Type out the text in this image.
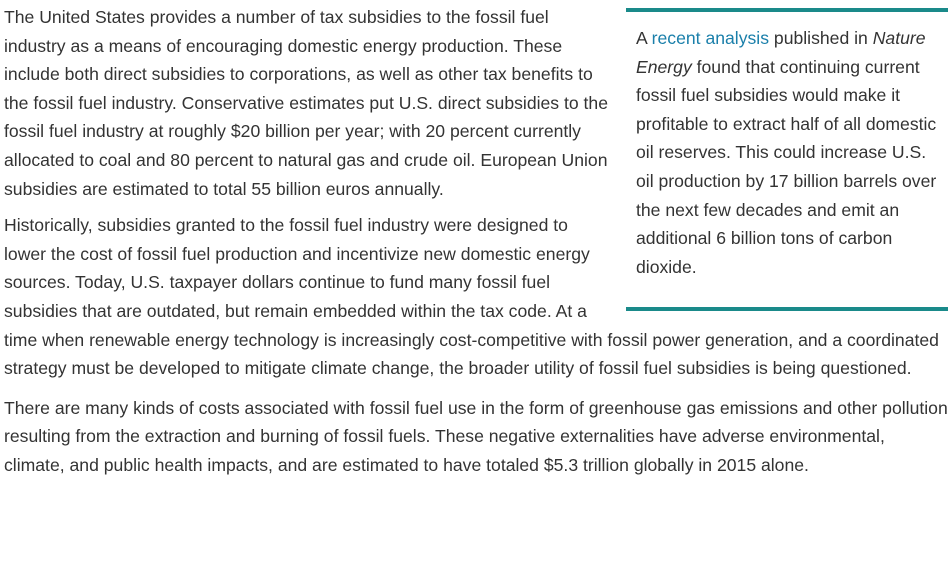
A recent analysis published in Nature Energy found that continuing current fossil fuel subsidies would make it profitable to extract half of all domestic oil reserves. This could increase U.S. oil production by 17 billion barrels over the next few decades and emit an additional 6 billion tons of carbon dioxide.

The United States provides a number of tax subsidies to the fossil fuel industry as a means of encouraging domestic energy production. These include both direct subsidies to corporations, as well as other tax benefits to the fossil fuel industry. Conservative estimates put U.S. direct subsidies to the fossil fuel industry at roughly $20 billion per year; with 20 percent currently allocated to coal and 80 percent to natural gas and crude oil. European Union subsidies are estimated to total 55 billion euros annually.

Historically, subsidies granted to the fossil fuel industry were designed to lower the cost of fossil fuel production and incentivize new domestic energy sources. Today, U.S. taxpayer dollars continue to fund many fossil fuel subsidies that are outdated, but remain embedded within the tax code. At a time when renewable energy technology is increasingly cost-competitive with fossil power generation, and a coordinated strategy must be developed to mitigate climate change, the broader utility of fossil fuel subsidies is being questioned.

There are many kinds of costs associated with fossil fuel use in the form of greenhouse gas emissions and other pollution resulting from the extraction and burning of fossil fuels. These negative externalities have adverse environmental, climate, and public health impacts, and are estimated to have totaled $5.3 trillion globally in 2015 alone.
